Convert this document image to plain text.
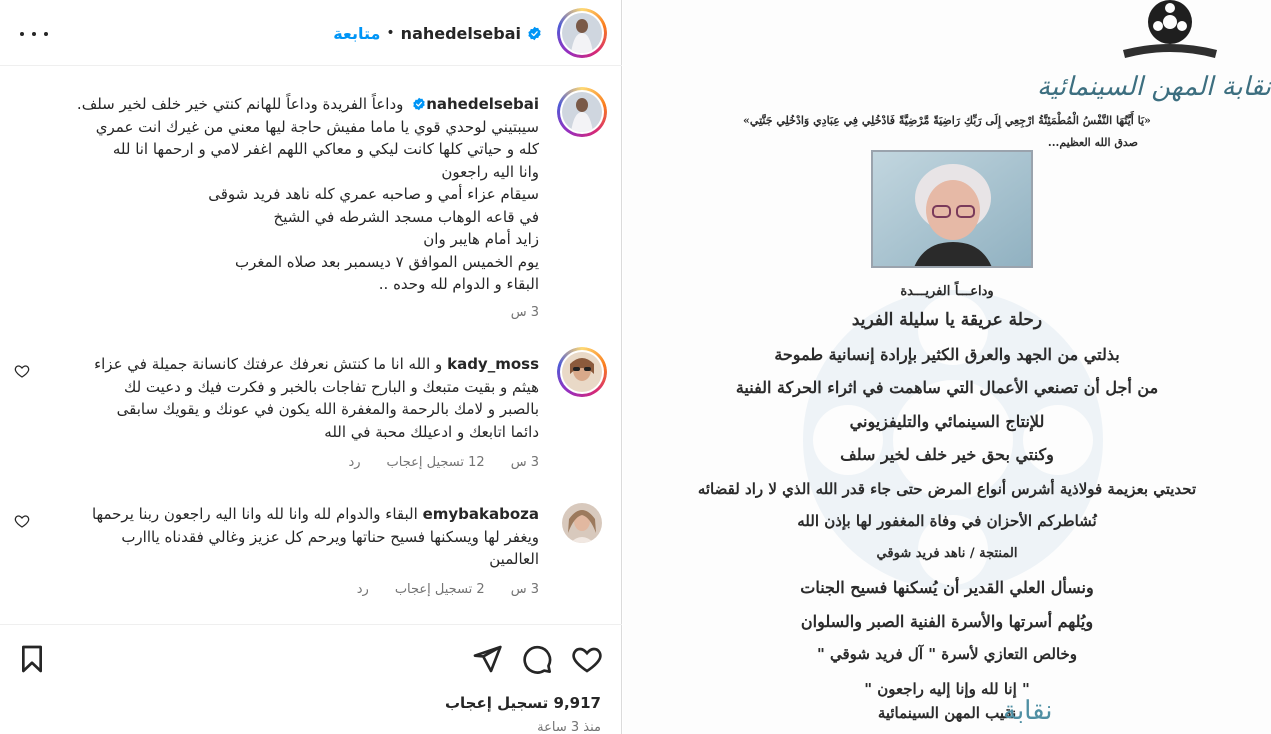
متابعة • nahedelsebai
nahedelsebai وداعاً الفريدة وداعاً للهانم كنتي خير خلف لخير سلف.
سيبتيني لوحدي قوي يا ماما مفيش حاجة ليها معني من غيرك انت عمري
كله و حياتي كلها كانت ليكي و معاكي اللهم اغفر لامي و ارحمها انا لله
وانا اليه راجعون
سيقام عزاء أمي و صاحبه عمري كله ناهد فريد شوقى
في قاعه الوهاب مسجد الشرطه في الشيخ
زايد أمام هايبر وان
يوم الخميس الموافق ٧ ديسمبر بعد صلاه المغرب
البقاء و الدوام لله وحده ..
3 س
kady_moss و الله انا ما كنتش نعرفك عرفتك كانسانة جميلة في عزاء
هيثم و بقيت متبعك و البارح تفاجات بالخبر و فكرت فيك و دعيت لك
بالصبر و لامك بالرحمة والمغفرة الله يكون في عونك و يقويك سابقى
دائما اتابعك و ادعيلك محبة في الله
3 س
12 تسجيل إعجاب
رد
emybakaboza البقاء والدوام لله وانا لله وانا اليه راجعون ربنا يرحمها
ويغفر لها ويسكنها فسيح حناتها ويرحم كل عزيز وغالي فقدناه يااارب
العالمين
3 س
2 تسجيل إعجاب
رد
9,917 تسجيل إعجاب
منذ 3 ساعة
نقابة المهن السينمائية
«يَا أَيَّتُهَا النَّفْسُ الْمُطْمَئِنَّةُ ارْجِعِي إِلَى رَبِّكِ رَاضِيَةً مَّرْضِيَّةً فَادْخُلِي فِي عِبَادِي وَادْخُلِي جَنَّتِي»
صدق الله العظيم...
وداعـــاً الفريـــدة
رحلة عريقة يا سليلة الفريد
بذلتي من الجهد والعرق الكثير بإرادة إنسانية طموحة
من أجل أن تصنعي الأعمال التي ساهمت في اثراء الحركة الفنية
للإنتاج السينمائي والتليفزيوني
وكنتي بحق خير خلف لخير سلف
تحديتي بعزيمة فولاذية أشرس أنواع المرض حتى جاء قدر الله الذي لا راد لقضائه
نُشاطركم الأحزان في وفاة المغفور لها بإذن الله
المنتجة / ناهد فريد شوقي
ونسأل العلي القدير أن يُسكنها فسيح الجنات
ويُلهم أسرتها والأسرة الفنية الصبر والسلوان
وخالص التعازي لأسرة " آل فريد شوقي "
" إنا لله وإنا إليه راجعون "
نقيب المهن السينمائية
نقابة
